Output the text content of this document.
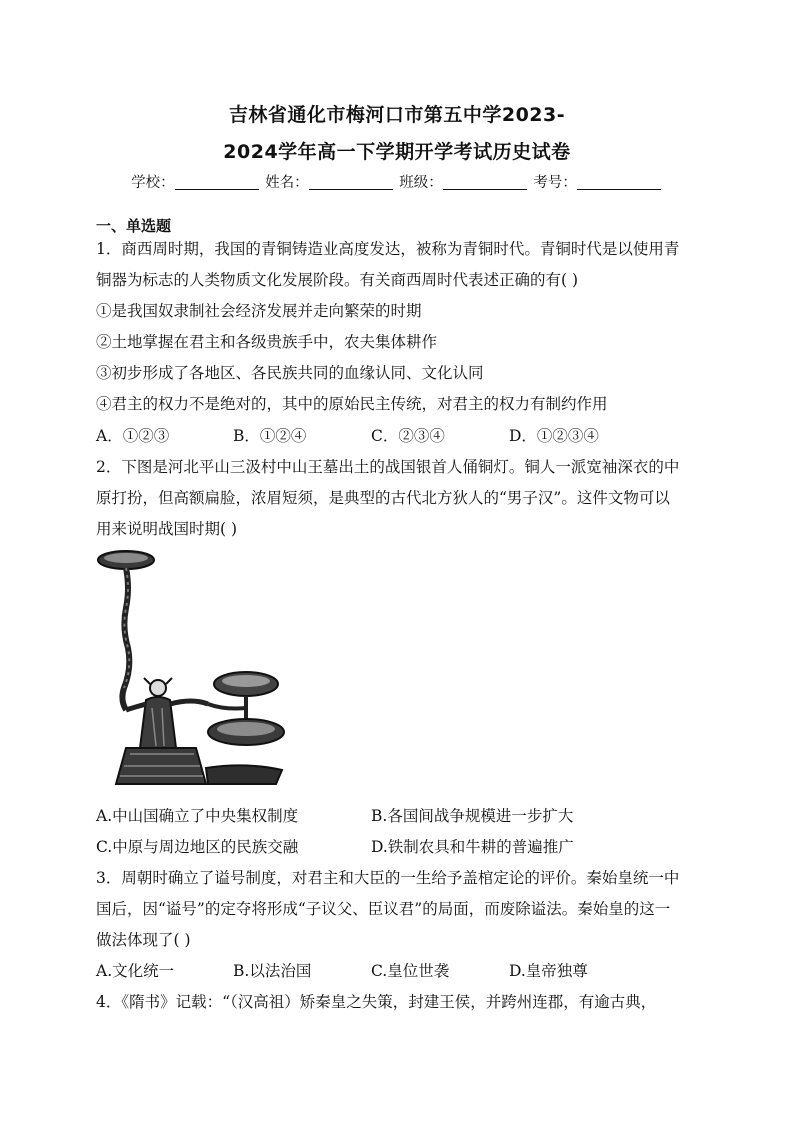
吉林省通化市梅河口市第五中学2023-
2024学年高一下学期开学考试历史试卷
学校：	姓名：	班级：	考号：
一、单选题
1．商西周时期，我国的青铜铸造业高度发达，被称为青铜时代。青铜时代是以使用青
铜器为标志的人类物质文化发展阶段。有关商西周时代表述正确的有( )
①是我国奴隶制社会经济发展并走向繁荣的时期
②土地掌握在君主和各级贵族手中，农夫集体耕作
③初步形成了各地区、各民族共同的血缘认同、文化认同
④君主的权力不是绝对的，其中的原始民主传统，对君主的权力有制约作用
A．①②③	B．①②④	C．②③④	D．①②③④
2．下图是河北平山三汲村中山王墓出土的战国银首人俑铜灯。铜人一派宽袖深衣的中
原打扮，但高额扁脸，浓眉短须，是典型的古代北方狄人的“男子汉”。这件文物可以
用来说明战国时期( )
A.中山国确立了中央集权制度	B.各国间战争规模进一步扩大
C.中原与周边地区的民族交融	D.铁制农具和牛耕的普遍推广
3．周朝时确立了谥号制度，对君主和大臣的一生给予盖棺定论的评价。秦始皇统一中
国后，因“谥号”的定夺将形成“子议父、臣议君”的局面，而废除谥法。秦始皇的这一
做法体现了( )
A.文化统一	B.以法治国	C.皇位世袭	D.皇帝独尊
4．《隋书》记载：“（汉高祖）矫秦皇之失策，封建王侯，并跨州连郡，有逾古典，
